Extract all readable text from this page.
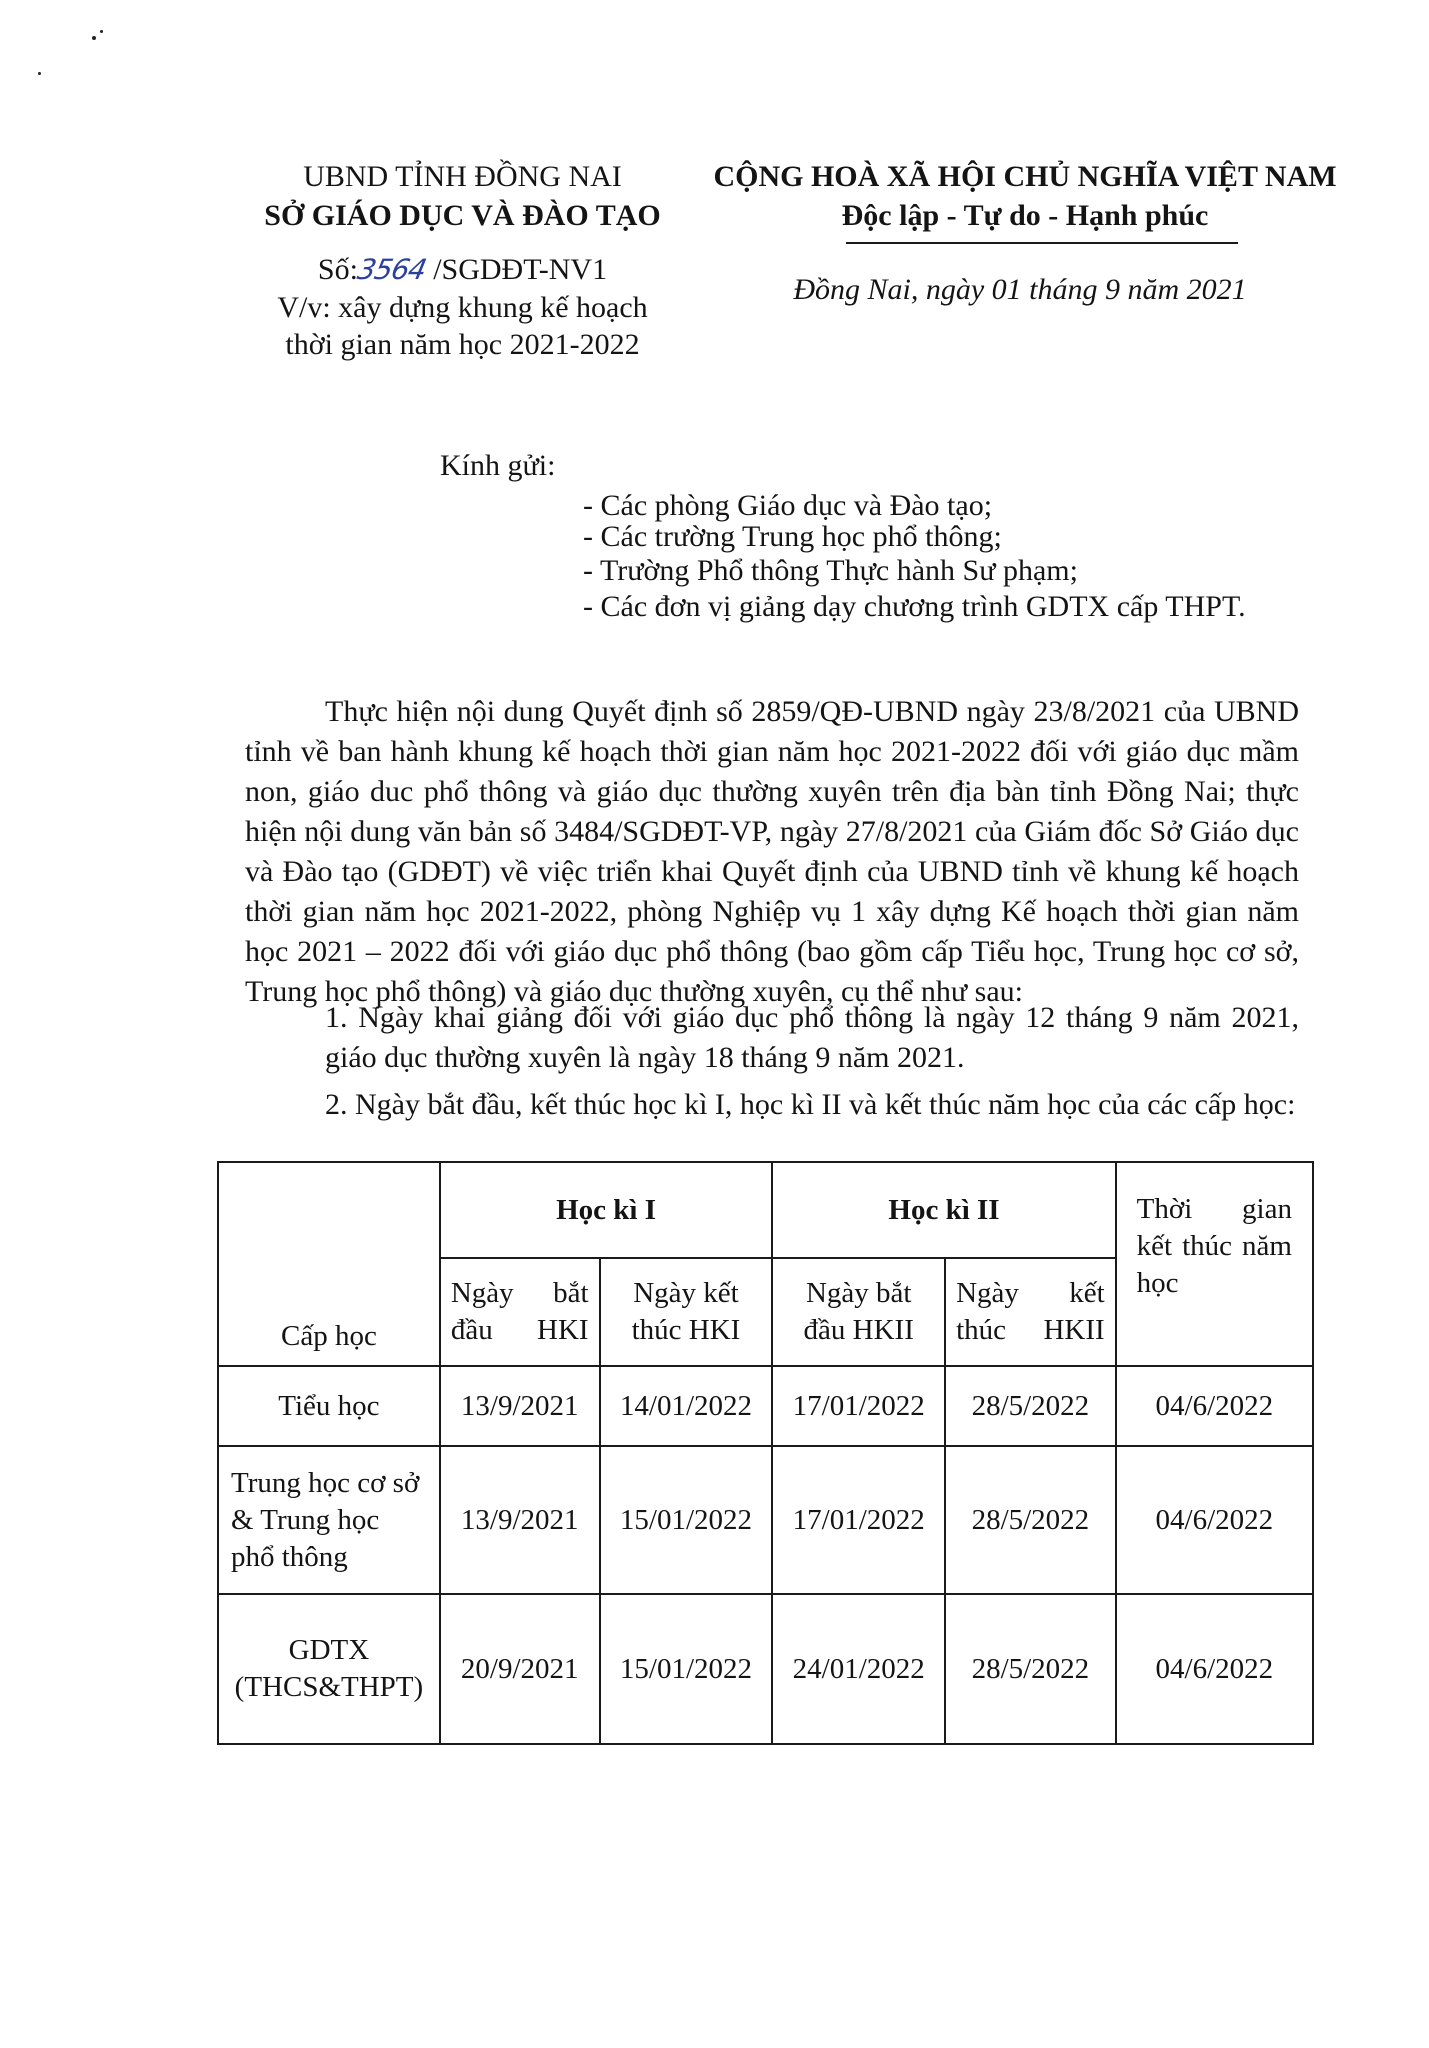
UBND TỈNH ĐỒNG NAI
SỞ GIÁO DỤC VÀ ĐÀO TẠO
Số:3564 /SGDĐT-NV1
V/v: xây dựng khung kế hoạch
thời gian năm học 2021-2022
CỘNG HOÀ XÃ HỘI CHỦ NGHĨA VIỆT NAM
Độc lập - Tự do - Hạnh phúc
Đồng Nai, ngày 01 tháng 9 năm 2021
Kính gửi:
- Các phòng Giáo dục và Đào tạo;
- Các trường Trung học phổ thông;
- Trường Phổ thông Thực hành Sư phạm;
- Các đơn vị giảng dạy chương trình GDTX cấp THPT.
Thực hiện nội dung Quyết định số 2859/QĐ-UBND ngày 23/8/2021 của UBND tỉnh về ban hành khung kế hoạch thời gian năm học 2021-2022 đối với giáo dục mầm non, giáo duc phổ thông và giáo dục thường xuyên trên địa bàn tỉnh Đồng Nai; thực hiện nội dung văn bản số 3484/SGDĐT-VP, ngày 27/8/2021 của Giám đốc Sở Giáo dục và Đào tạo (GDĐT) về việc triển khai Quyết định của UBND tỉnh về khung kế hoạch thời gian năm học 2021-2022, phòng Nghiệp vụ 1 xây dựng Kế hoạch thời gian năm học 2021 – 2022 đối với giáo dục phổ thông (bao gồm cấp Tiểu học, Trung học cơ sở, Trung học phổ thông) và giáo dục thường xuyên, cụ thể như sau:
1. Ngày khai giảng đối với giáo dục phổ thông là ngày 12 tháng 9 năm 2021, giáo dục thường xuyên là ngày 18 tháng 9 năm 2021.
2. Ngày bắt đầu, kết thúc học kì I, học kì II và kết thúc năm học của các cấp học:
Cấp học	Học kì I		Học kì II		Thời gian kết thúc năm học

	Ngày bắt đầu HKI	Ngày kết thúc HKI	Ngày bắt đầu HKII	Ngày kết thúc HKII	

Tiểu học	13/9/2021	14/01/2022	17/01/2022	28/5/2022	04/6/2022
Trung học cơ sở & Trung học phổ thông	13/9/2021	15/01/2022	17/01/2022	28/5/2022	04/6/2022
GDTX (THCS&THPT)	20/9/2021	15/01/2022	24/01/2022	28/5/2022	04/6/2022
